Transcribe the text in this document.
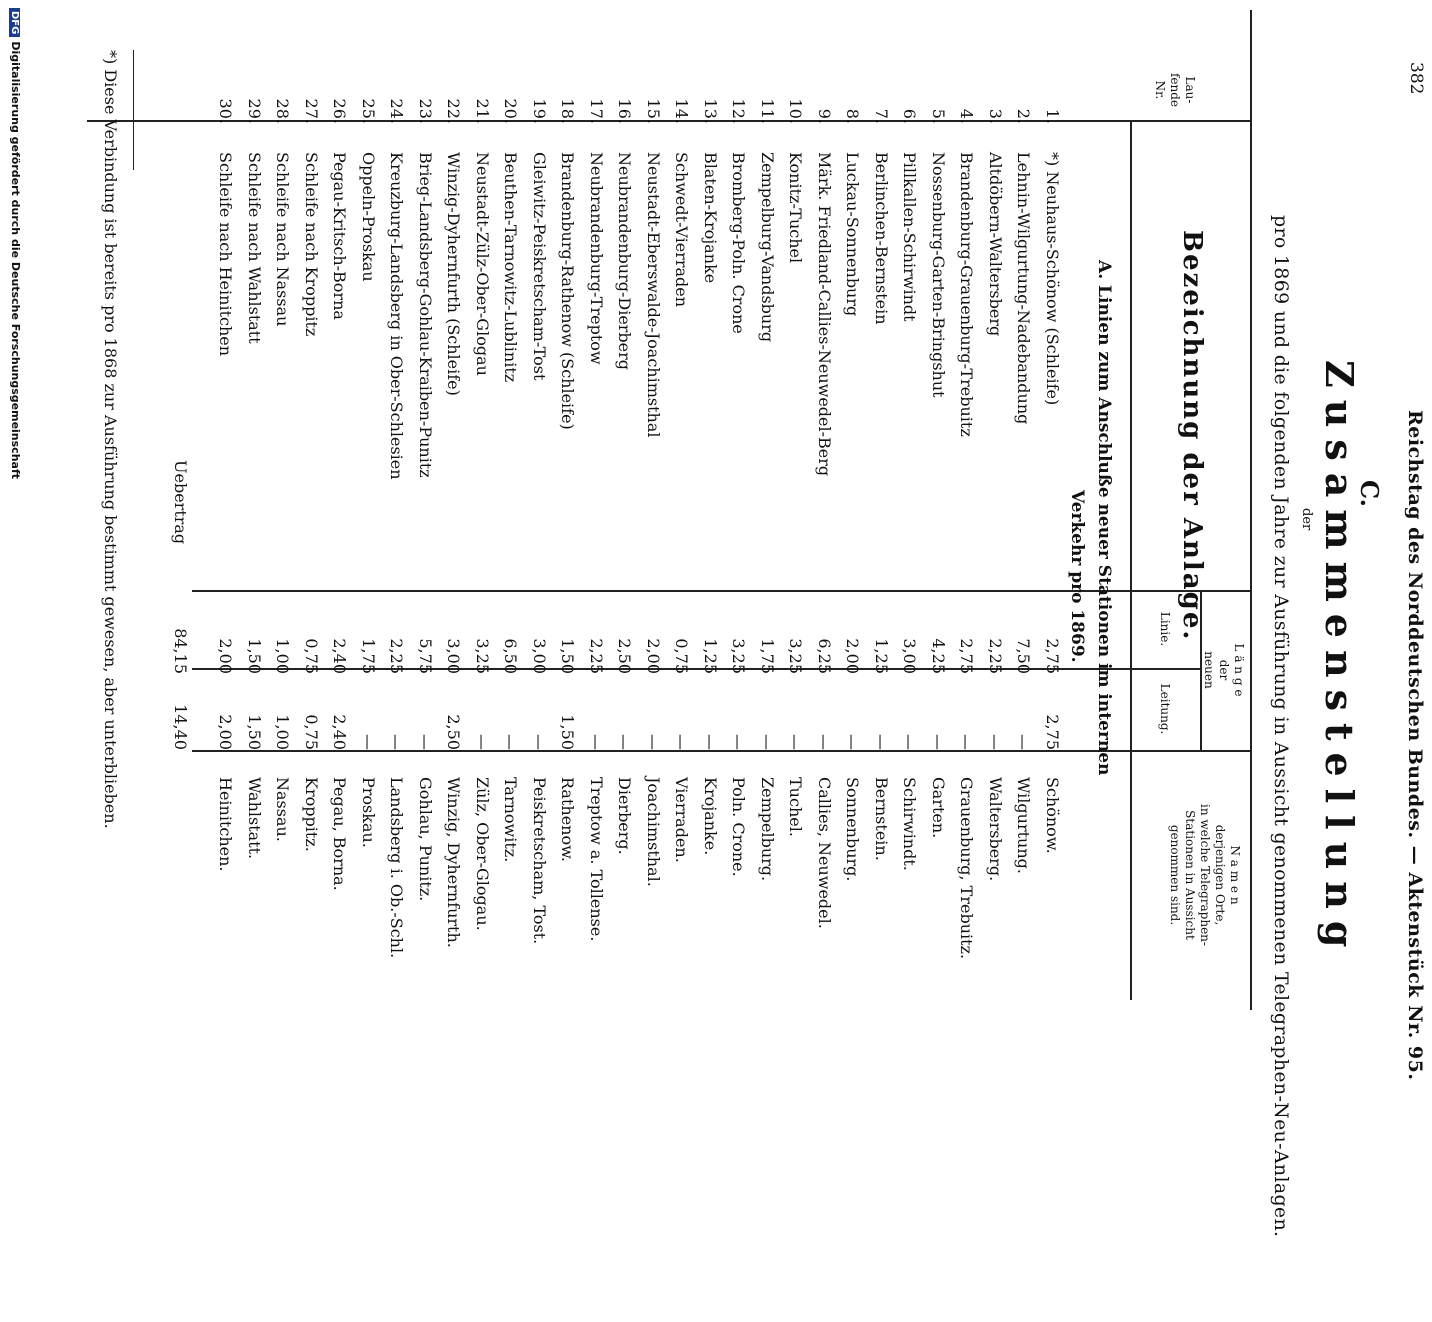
382
Reichstag des Norddeutschen Bundes. — Aktenstück Nr. 95.
C.
Zusammenstellung
der
pro 1869 und die folgenden Jahre zur Ausführung in Aussicht genommenen Telegraphen-Neu-Anlagen.
Lau-
fende
Nr.
Bezeichnung der Anlage.
L ä n g e
der
neuen
Linie.
Leitung.
N a m e n
derjenigen Orte,
in welche Telegraphen-
Stationen in Aussicht
genommen sind.
A. Linien zum Anschluße neuer Stationen im internen
Verkehr pro 1869.
1.
*) Neuhaus-Schönow (Schleife)
2,75
2,75
Schönow.
2.
Lehnin-Wilgurtung-Nadebandung
7,50
—
Wilgurtung.
3.
Altdöbern-Waltersberg
2,25
—
Waltersberg.
4.
Brandenburg-Grauenburg-Trebuitz
2,75
—
Grauenburg, Trebuitz.
5.
Nossenburg-Garten-Bringshut
4,25
—
Garten.
6.
Pillkallen-Schirwindt
3,00
—
Schirwindt.
7.
Berlinchen-Bernstein
1,25
—
Bernstein.
8.
Luckau-Sonnenburg
2,00
—
Sonnenburg.
9.
Märk. Friedland-Callies-Neuwedel-Berg
6,25
—
Callies, Neuwedel.
10.
Konitz-Tuchel
3,25
—
Tuchel.
11.
Zempelburg-Vandsburg
1,75
—
Zempelburg.
12.
Bromberg-Poln. Crone
3,25
—
Poln. Crone.
13.
Blaten-Krojanke
1,25
—
Krojanke.
14.
Schwedt-Vierraden
0,75
—
Vierraden.
15.
Neustadt-Eberswalde-Joachimsthal
2,00
—
Joachimsthal.
16.
Neubrandenburg-Dierberg
2,50
—
Dierberg.
17.
Neubrandenburg-Treptow
2,25
—
Treptow a. Tollense.
18.
Brandenburg-Rathenow (Schleife)
1,50
1,50
Rathenow.
19.
Gleiwitz-Peiskretscham-Tost
3,00
—
Peiskretscham, Tost.
20.
Beuthen-Tarnowitz-Lublinitz
6,50
—
Tarnowitz.
21.
Neustadt-Zülz-Ober-Glogau
3,25
—
Zülz, Ober-Glogau.
22.
Winzig-Dyhernfurth (Schleife)
3,00
2,50
Winzig, Dyhernfurth.
23.
Brieg-Landsberg-Gohlau-Kraiben-Punitz
5,75
—
Gohlau, Punitz.
24.
Kreuzburg-Landsberg in Ober-Schlesien
2,25
—
Landsberg i. Ob.-Schl.
25.
Oppeln-Proskau
1,75
—
Proskau.
26.
Pegau-Kritsch-Borna
2,40
2,40
Pegau, Borna.
27.
Schleife nach Kroppitz
0,75
0,75
Kroppitz.
28.
Schleife nach Nassau
1,00
1,00
Nassau.
29.
Schleife nach Wahlstatt
1,50
1,50
Wahlstatt.
30.
Schleife nach Heinitchen
2,00
2,00
Heinitchen.
Uebertrag
84,15
14,40
*) Diese Verbindung ist bereits pro 1868 zur Ausführung bestimmt gewesen, aber unterblieben.
DFGDigitalisierung gefördert durch die Deutsche Forschungsgemeinschaft
